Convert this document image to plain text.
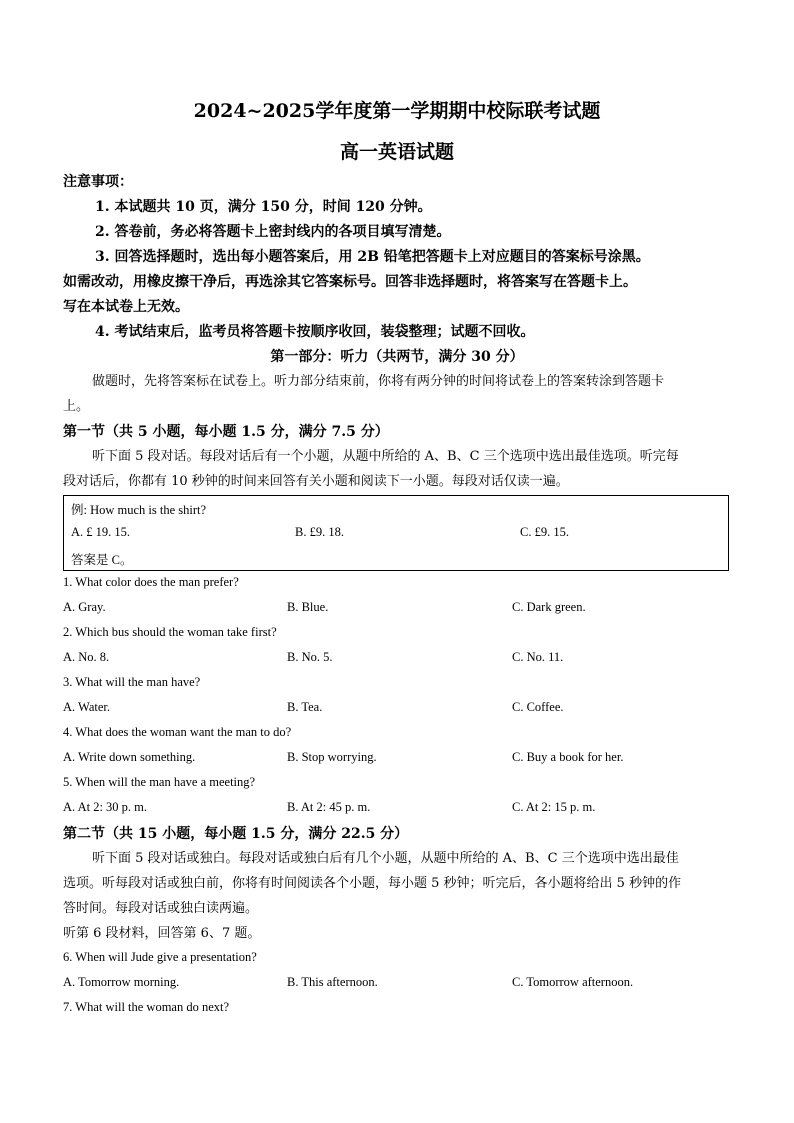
2024~2025学年度第一学期期中校际联考试题
高一英语试题
注意事项：
1. 本试题共 10 页，满分 150 分，时间 120 分钟。
2. 答卷前，务必将答题卡上密封线内的各项目填写清楚。
3. 回答选择题时，选出每小题答案后，用 2B 铅笔把答题卡上对应题目的答案标号涂黑。
如需改动，用橡皮擦干净后，再选涂其它答案标号。回答非选择题时，将答案写在答题卡上。
写在本试卷上无效。
4. 考试结束后，监考员将答题卡按顺序收回，装袋整理；试题不回收。
第一部分：听力（共两节，满分 30 分）
做题时，先将答案标在试卷上。听力部分结束前，你将有两分钟的时间将试卷上的答案转涂到答题卡
上。
第一节（共 5 小题，每小题 1.5 分，满分 7.5 分）
听下面 5 段对话。每段对话后有一个小题，从题中所给的 A、B、C 三个选项中选出最佳选项。听完每
段对话后，你都有 10 秒钟的时间来回答有关小题和阅读下一小题。每段对话仅读一遍。
例: How much is the shirt?
A. £ 19. 15.	B. £9. 18.	C. £9. 15.
答案是 C。
1. What color does the man prefer?
A. Gray.	B. Blue.	C. Dark green.
2. Which bus should the woman take first?
A. No. 8.	B. No. 5.	C. No. 11.
3. What will the man have?
A. Water.	B. Tea.	C. Coffee.
4. What does the woman want the man to do?
A. Write down something.	B. Stop worrying.	C. Buy a book for her.
5. When will the man have a meeting?
A. At 2: 30 p. m.	B. At 2: 45 p. m.	C. At 2: 15 p. m.
第二节（共 15 小题，每小题 1.5 分，满分 22.5 分）
听下面 5 段对话或独白。每段对话或独白后有几个小题，从题中所给的 A、B、C 三个选项中选出最佳
选项。听每段对话或独白前，你将有时间阅读各个小题，每小题 5 秒钟；听完后，各小题将给出 5 秒钟的作
答时间。每段对话或独白读两遍。
听第 6 段材料，回答第 6、7 题。
6. When will Jude give a presentation?
A. Tomorrow morning.	B. This afternoon.	C. Tomorrow afternoon.
7. What will the woman do next?
